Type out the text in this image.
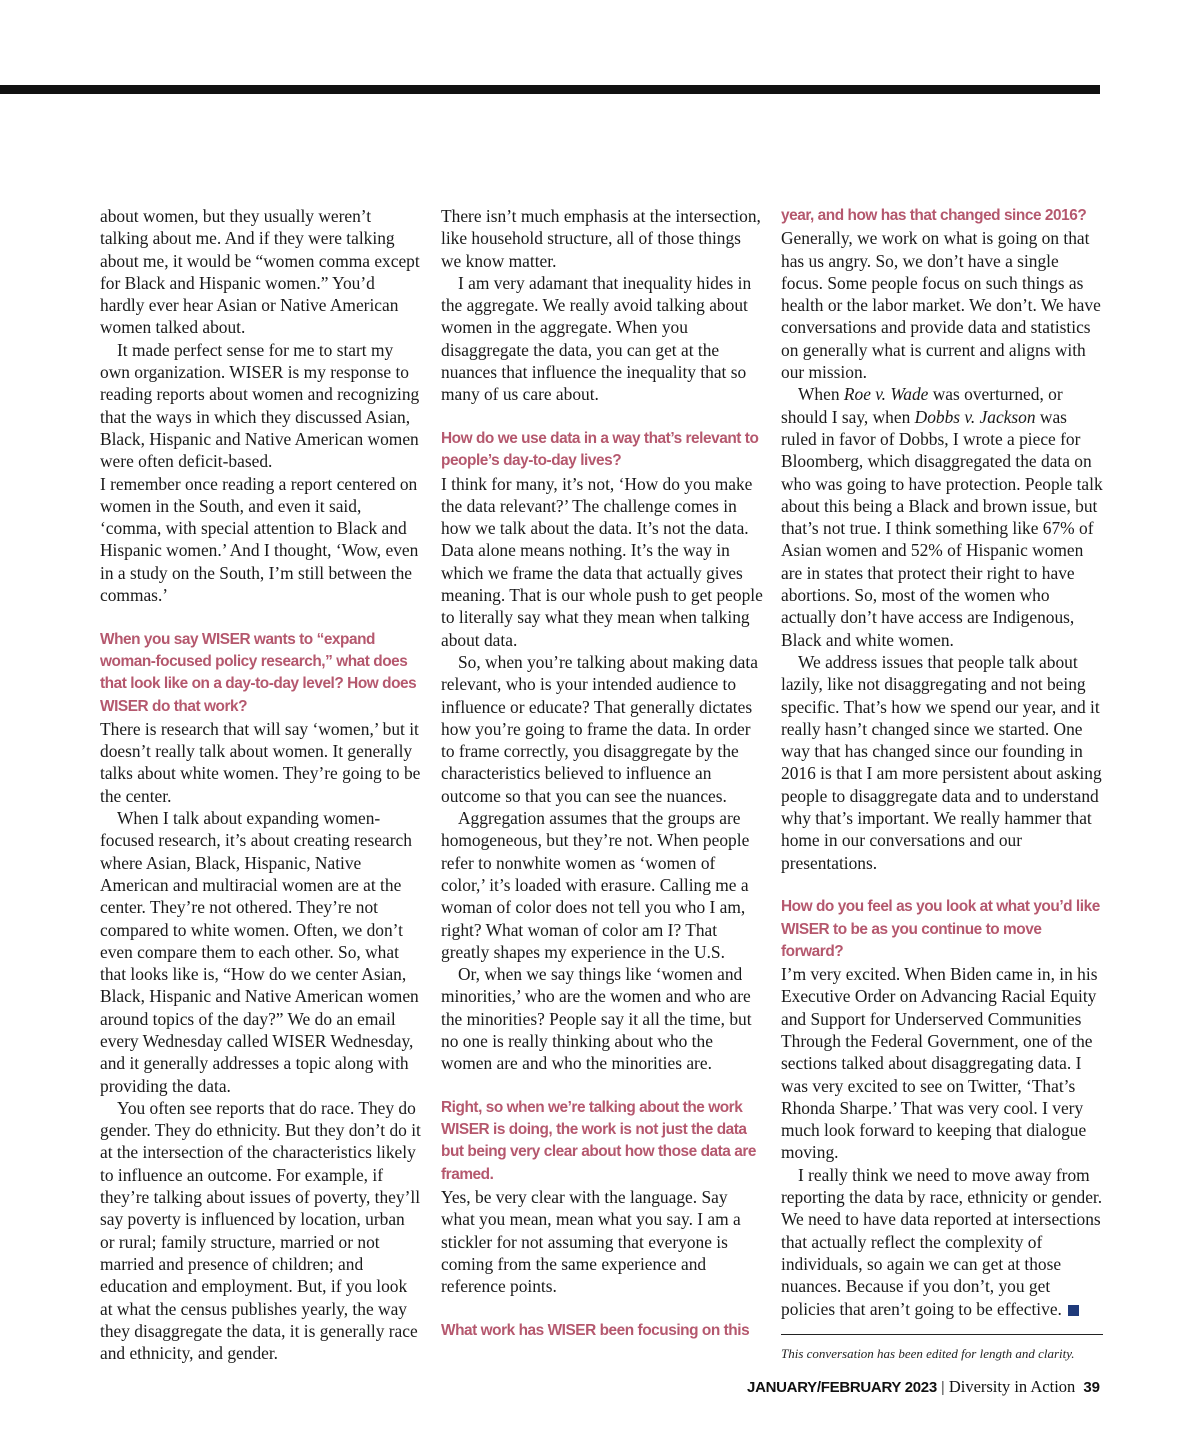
about women, but they usually weren’t talking about me. And if they were talking about me, it would be “women comma except for Black and Hispanic women.” You’d hardly ever hear Asian or Native American women talked about.

It made perfect sense for me to start my own organization. WISER is my response to reading reports about women and recognizing that the ways in which they discussed Asian, Black, Hispanic and Native American women were often deficit-based.

I remember once reading a report centered on women in the South, and even it said, ‘comma, with special attention to Black and Hispanic women.’ And I thought, ‘Wow, even in a study on the South, I’m still between the commas.’

When you say WISER wants to “expand woman-focused policy research,” what does that look like on a day-to-day level? How does WISER do that work?

There is research that will say ‘women,’ but it doesn’t really talk about women. It generally talks about white women. They’re going to be the center.

When I talk about expanding women-focused research, it’s about creating research where Asian, Black, Hispanic, Native American and multiracial women are at the center. They’re not othered. They’re not compared to white women. Often, we don’t even compare them to each other. So, what that looks like is, “How do we center Asian, Black, Hispanic and Native American women around topics of the day?” We do an email every Wednesday called WISER Wednesday, and it generally addresses a topic along with providing the data.

You often see reports that do race. They do gender. They do ethnicity. But they don’t do it at the intersection of the characteristics likely to influence an outcome. For example, if they’re talking about issues of poverty, they’ll say poverty is influenced by location, urban or rural; family structure, married or not married and presence of children; and education and employment. But, if you look at what the census publishes yearly, the way they disaggregate the data, it is generally race and ethnicity, and gender.

There isn’t much emphasis at the intersection, like household structure, all of those things we know matter.

I am very adamant that inequality hides in the aggregate. We really avoid talking about women in the aggregate. When you disaggregate the data, you can get at the nuances that influence the inequality that so many of us care about.

How do we use data in a way that’s relevant to people’s day-to-day lives?

I think for many, it’s not, ‘How do you make the data relevant?’ The challenge comes in how we talk about the data. It’s not the data. Data alone means nothing. It’s the way in which we frame the data that actually gives meaning. That is our whole push to get people to literally say what they mean when talking about data.

So, when you’re talking about making data relevant, who is your intended audience to influence or educate? That generally dictates how you’re going to frame the data. In order to frame correctly, you disaggregate by the characteristics believed to influence an outcome so that you can see the nuances.

Aggregation assumes that the groups are homogeneous, but they’re not. When people refer to nonwhite women as ‘women of color,’ it’s loaded with erasure. Calling me a woman of color does not tell you who I am, right? What woman of color am I? That greatly shapes my experience in the U.S.

Or, when we say things like ‘women and minorities,’ who are the women and who are the minorities? People say it all the time, but no one is really thinking about who the women are and who the minorities are.

Right, so when we’re talking about the work WISER is doing, the work is not just the data but being very clear about how those data are framed.

Yes, be very clear with the language. Say what you mean, mean what you say. I am a stickler for not assuming that everyone is coming from the same experience and reference points.

What work has WISER been focusing on this
year, and how has that changed since 2016?

Generally, we work on what is going on that has us angry. So, we don’t have a single focus. Some people focus on such things as health or the labor market. We don’t. We have conversations and provide data and statistics on generally what is current and aligns with our mission.

When Roe v. Wade was overturned, or should I say, when Dobbs v. Jackson was ruled in favor of Dobbs, I wrote a piece for Bloomberg, which disaggregated the data on who was going to have protection. People talk about this being a Black and brown issue, but that’s not true. I think something like 67% of Asian women and 52% of Hispanic women are in states that protect their right to have abortions. So, most of the women who actually don’t have access are Indigenous, Black and white women.

We address issues that people talk about lazily, like not disaggregating and not being specific. That’s how we spend our year, and it really hasn’t changed since we started. One way that has changed since our founding in 2016 is that I am more persistent about asking people to disaggregate data and to understand why that’s important. We really hammer that home in our conversations and our presentations.

How do you feel as you look at what you’d like WISER to be as you continue to move forward?

I’m very excited. When Biden came in, in his Executive Order on Advancing Racial Equity and Support for Underserved Communities Through the Federal Government, one of the sections talked about disaggregating data. I was very excited to see on Twitter, ‘That’s Rhonda Sharpe.’ That was very cool. I very much look forward to keeping that dialogue moving.

I really think we need to move away from reporting the data by race, ethnicity or gender. We need to have data reported at intersections that actually reflect the complexity of individuals, so again we can get at those nuances. Because if you don’t, you get policies that aren’t going to be effective.

This conversation has been edited for length and clarity.
JANUARY/FEBRUARY 2023 | Diversity in Action 39
